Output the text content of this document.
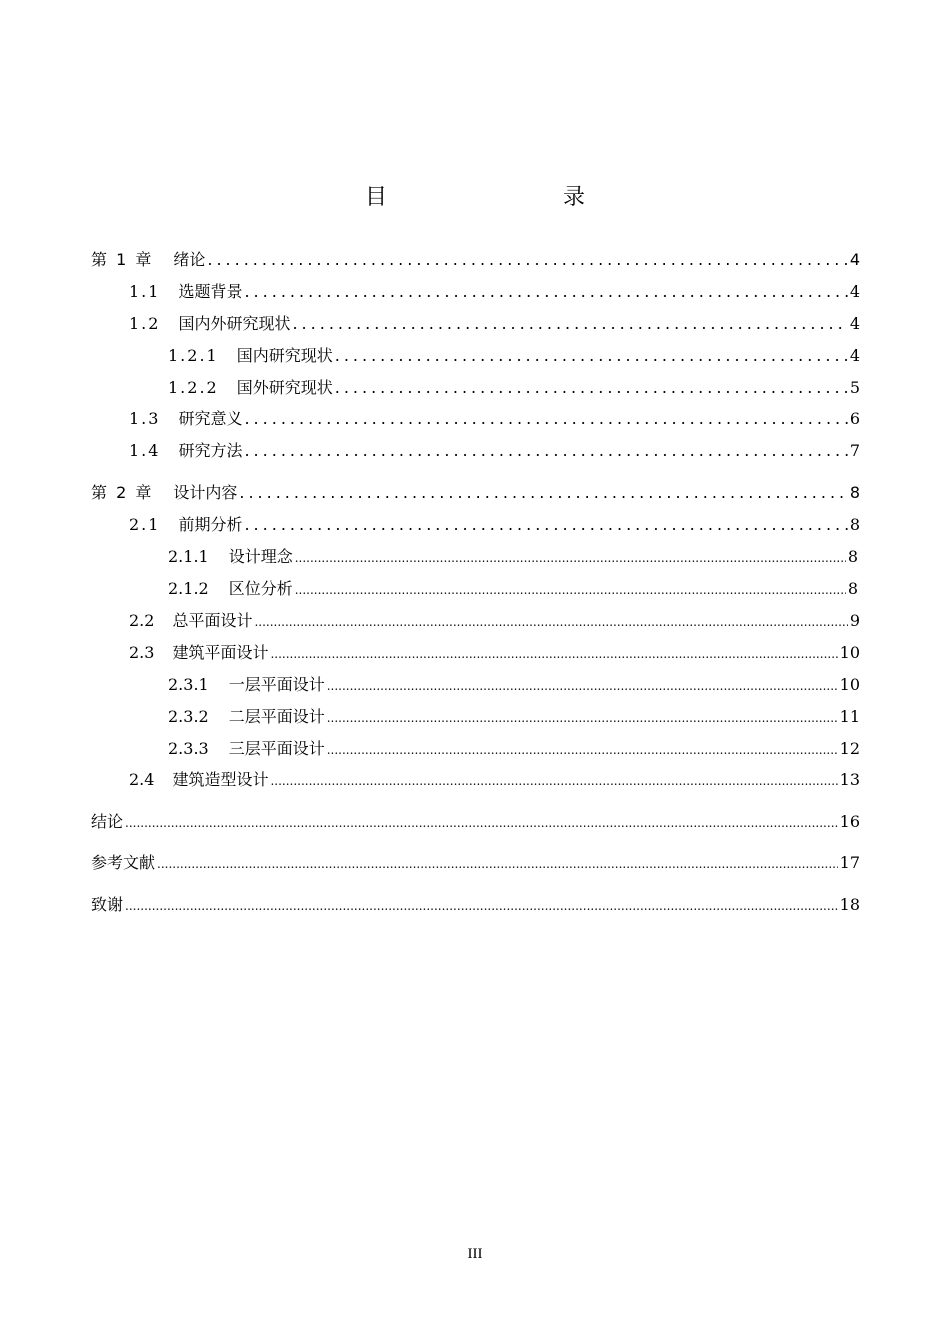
目　　录
第 1 章 绪论 .....	4
1.1 选题背景 .....	4
1.2 国内外研究现状 .....	4
1.2.1 国内研究现状 .....	4
1.2.2 国外研究现状 .....	5
1.3 研究意义 .....	6
1.4 研究方法 .....	7
第 2 章 设计内容 .....	8
2.1 前期分析 .....	8
2.1.1 设计理念 .....	8
2.1.2 区位分析 .....	8
2.2 总平面设计 .....	9
2.3 建筑平面设计 .....	10
2.3.1 一层平面设计 .....	10
2.3.2 二层平面设计 .....	11
2.3.3 三层平面设计 .....	12
2.4 建筑造型设计 .....	13
结论 .....	16
参考文献 .....	17
致谢 .....	18
III
